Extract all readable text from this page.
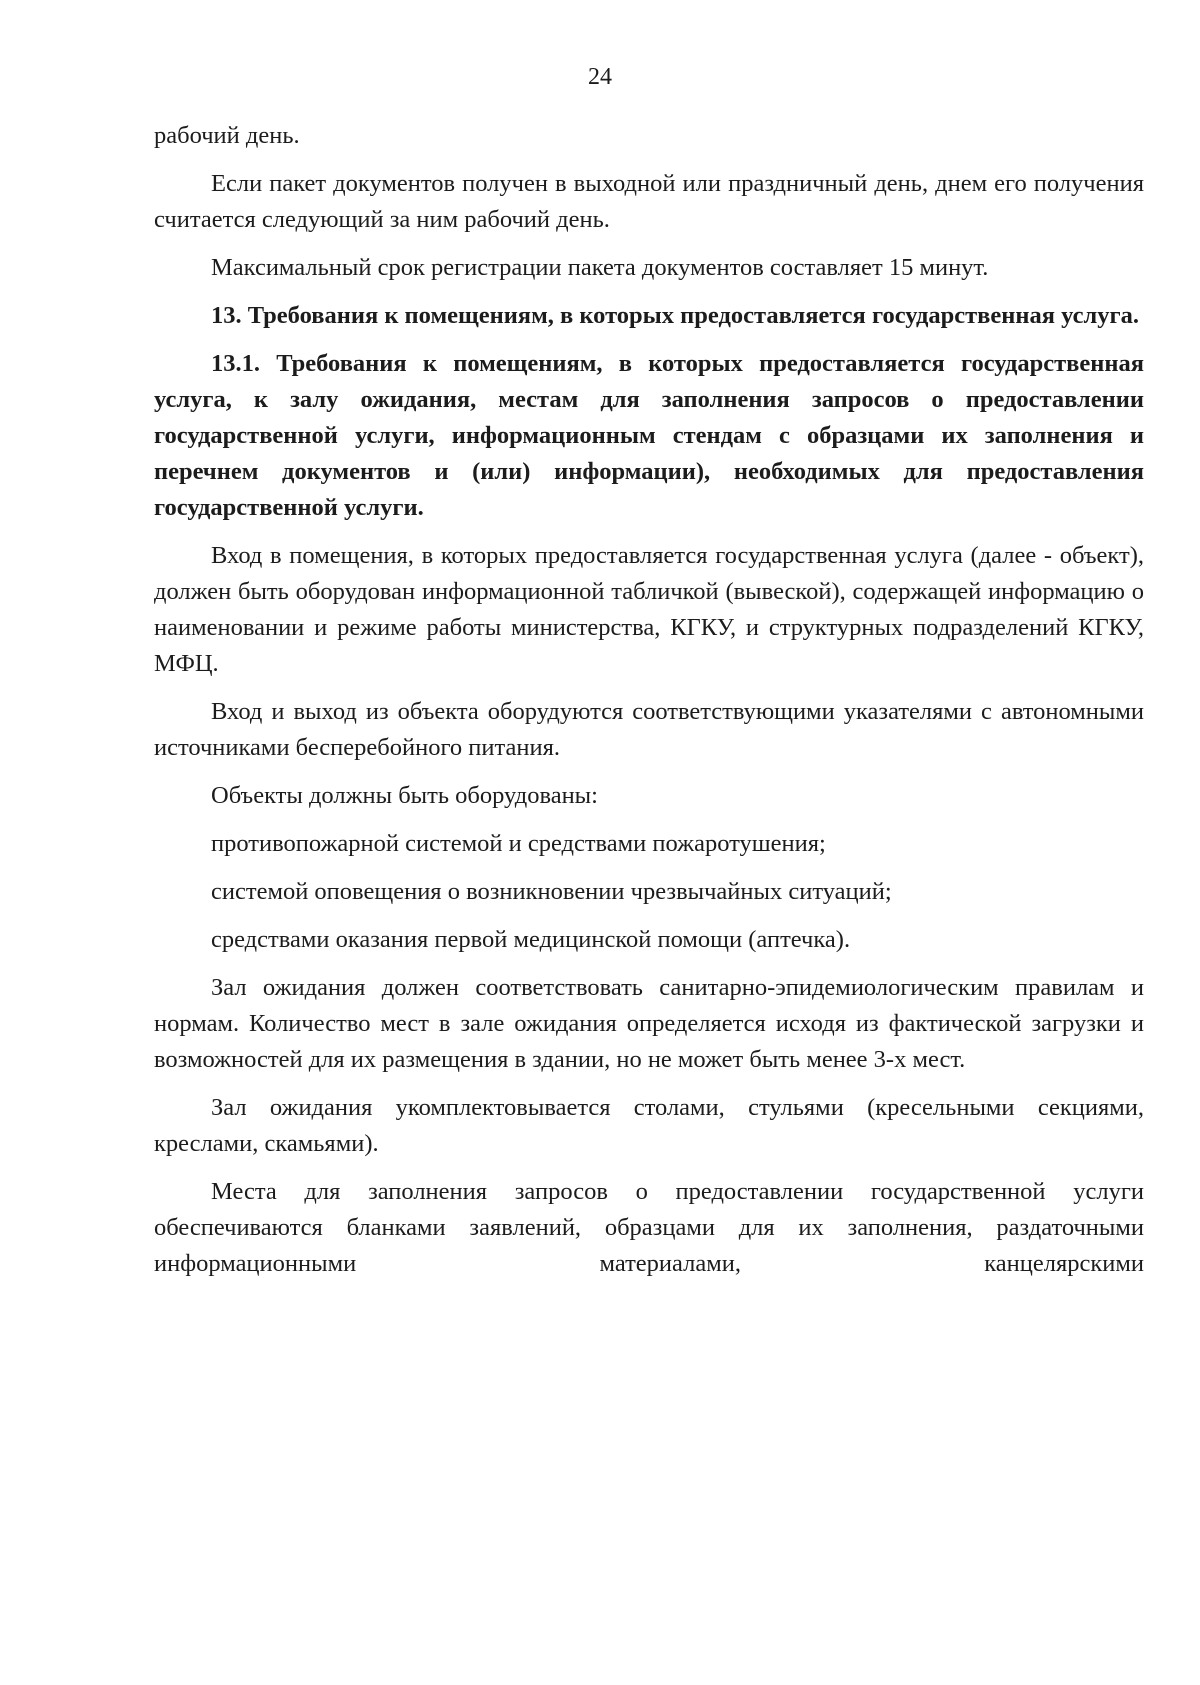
24

рабочий день.

Если пакет документов получен в выходной или праздничный день, днем его получения считается следующий за ним рабочий день.

Максимальный срок регистрации пакета документов составляет 15 минут.

13. Требования к помещениям, в которых предоставляется государственная услуга.

13.1. Требования к помещениям, в которых предоставляется государственная услуга, к залу ожидания, местам для заполнения запросов о предоставлении государственной услуги, информационным стендам с образцами их заполнения и перечнем документов и (или) информации), необходимых для предоставления государственной услуги.

Вход в помещения, в которых предоставляется государственная услуга (далее - объект), должен быть оборудован информационной табличкой (вывеской), содержащей информацию о наименовании и режиме работы министерства, КГКУ, и структурных подразделений КГКУ, МФЦ.

Вход и выход из объекта оборудуются соответствующими указателями с автономными источниками бесперебойного питания.

Объекты должны быть оборудованы:

противопожарной системой и средствами пожаротушения;

системой оповещения о возникновении чрезвычайных ситуаций;

средствами оказания первой медицинской помощи (аптечка).

Зал ожидания должен соответствовать санитарно-эпидемиологическим правилам и нормам. Количество мест в зале ожидания определяется исходя из фактической загрузки и возможностей для их размещения в здании, но не может быть менее 3-х мест.

Зал ожидания укомплектовывается столами, стульями (кресельными секциями, креслами, скамьями).

Места для заполнения запросов о предоставлении государственной услуги обеспечиваются бланками заявлений, образцами для их заполнения, раздаточными информационными материалами, канцелярскими
